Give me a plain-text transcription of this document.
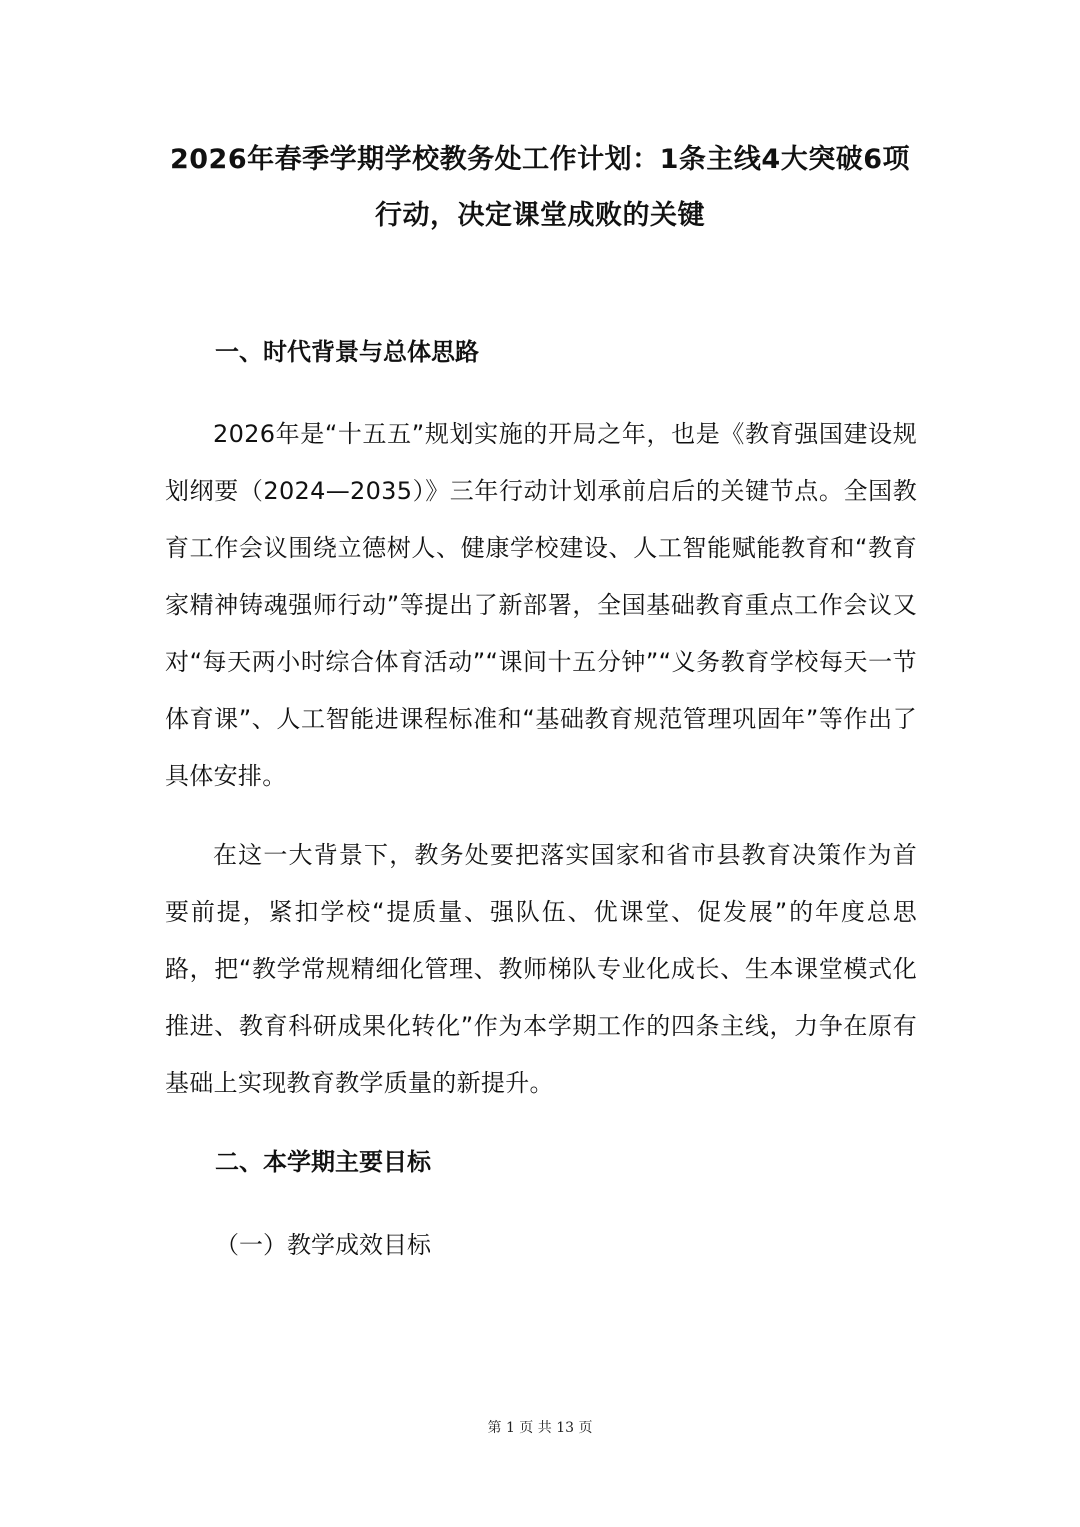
2026年春季学期学校教务处工作计划：1条主线4大突破6项行动，决定课堂成败的关键
一、时代背景与总体思路
2026年是“十五五”规划实施的开局之年，也是《教育强国建设规划纲要（2024—2035）》三年行动计划承前启后的关键节点。全国教育工作会议围绕立德树人、健康学校建设、人工智能赋能教育和“教育家精神铸魂强师行动”等提出了新部署，全国基础教育重点工作会议又对“每天两小时综合体育活动”“课间十五分钟”“义务教育学校每天一节体育课”、人工智能进课程标准和“基础教育规范管理巩固年”等作出了具体安排。
在这一大背景下，教务处要把落实国家和省市县教育决策作为首要前提，紧扣学校“提质量、强队伍、优课堂、促发展”的年度总思路，把“教学常规精细化管理、教师梯队专业化成长、生本课堂模式化推进、教育科研成果化转化”作为本学期工作的四条主线，力争在原有基础上实现教育教学质量的新提升。
二、本学期主要目标
（一）教学成效目标
第 1 页 共 13 页
